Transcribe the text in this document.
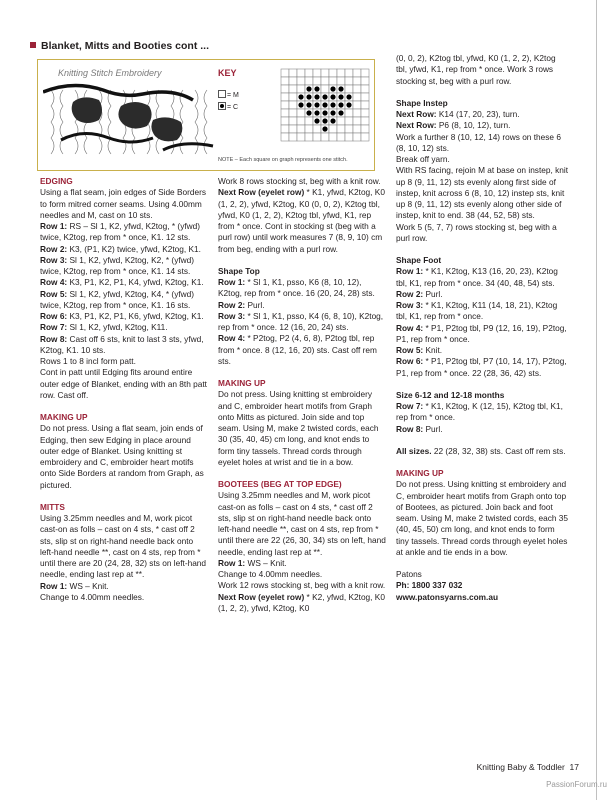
Blanket, Mitts and Booties cont ...
Knitting Stitch Embroidery	KEY
= M
= C
NOTE – Each square on graph represents one stitch.

EDGING

Using a flat seam, join edges of Side Borders to form mitred corner seams. Using 4.00mm needles and M, cast on 10 sts.

Row 1: RS – Sl 1, K2, yfwd, K2tog, * (yfwd) twice, K2tog, rep from * once, K1. 12 sts.

Row 2: K3, (P1, K2) twice, yfwd, K2tog, K1.

Row 3: Sl 1, K2, yfwd, K2tog, K2, * (yfwd) twice, K2tog, rep from * once, K1. 14 sts.

Row 4: K3, P1, K2, P1, K4, yfwd, K2tog, K1.

Row 5: Sl 1, K2, yfwd, K2tog, K4, * (yfwd) twice, K2tog, rep from * once, K1. 16 sts.

Row 6: K3, P1, K2, P1, K6, yfwd, K2tog, K1.

Row 7: Sl 1, K2, yfwd, K2tog, K11.

Row 8: Cast off 6 sts, knit to last 3 sts, yfwd, K2tog, K1. 10 sts.

Rows 1 to 8 incl form patt.

Cont in patt until Edging fits around entire outer edge of Blanket, ending with an 8th patt row. Cast off.

MAKING UP

Do not press. Using a flat seam, join ends of Edging, then sew Edging in place around outer edge of Blanket. Using knitting st embroidery and C, embroider heart motifs onto Side Borders at random from Graph, as pictured.

MITTS

Using 3.25mm needles and M, work picot cast-on as folls – cast on 4 sts, * cast off 2 sts, slip st on right-hand needle back onto left-hand needle **, cast on 4 sts, rep from * until there are 20 (24, 28, 32) sts on left-hand needle, ending last rep at **.

Row 1: WS – Knit.

Change to 4.00mm needles.

Work 8 rows stocking st, beg with a knit row.

Next Row (eyelet row) * K1, yfwd, K2tog, K0 (1, 2, 2), yfwd, K2tog, K0 (0, 0, 2), K2tog tbl, yfwd, K0 (1, 2, 2), K2tog tbl, yfwd, K1, rep from * once. Cont in stocking st (beg with a purl row) until work measures 7 (8, 9, 10) cm from beg, ending with a purl row.

Shape Top

Row 1: * Sl 1, K1, psso, K6 (8, 10, 12), K2tog, rep from * once. 16 (20, 24, 28) sts.

Row 2: Purl.

Row 3: * Sl 1, K1, psso, K4 (6, 8, 10), K2tog, rep from * once. 12 (16, 20, 24) sts.

Row 4: * P2tog, P2 (4, 6, 8), P2tog tbl, rep from * once. 8 (12, 16, 20) sts. Cast off rem sts.

MAKING UP

Do not press. Using knitting st embroidery and C, embroider heart motifs from Graph onto Mitts as pictured. Join side and top seam. Using M, make 2 twisted cords, each 30 (35, 40, 45) cm long, and knot ends to form tiny tassels. Thread cords through eyelet holes at wrist and tie in a bow.

BOOTEES (BEG AT TOP EDGE)

Using 3.25mm needles and M, work picot cast-on as folls – cast on 4 sts, * cast off 2 sts, slip st on right-hand needle back onto left-hand needle **, cast on 4 sts, rep from * until there are 22 (26, 30, 34) sts on left, hand needle, ending last rep at **.

Row 1: WS – Knit.

Change to 4.00mm needles.

Work 12 rows stocking st, beg with a knit row.

Next Row (eyelet row) * K2, yfwd, K2tog, K0 (1, 2, 2), yfwd, K2tog, K0

(0, 0, 2), K2tog tbl, yfwd, K0 (1, 2, 2), K2tog tbl, yfwd, K1, rep from * once. Work 3 rows stocking st, beg with a purl row.

Shape Instep

Next Row: K14 (17, 20, 23), turn.

Next Row: P6 (8, 10, 12), turn.

Work a further 8 (10, 12, 14) rows on these 6 (8, 10, 12) sts.

Break off yarn.

With RS facing, rejoin M at base on instep, knit up 8 (9, 11, 12) sts evenly along first side of instep, knit across 6 (8, 10, 12) instep sts, knit up 8 (9, 11, 12) sts evenly along other side of instep, knit to end. 38 (44, 52, 58) sts.

Work 5 (5, 7, 7) rows stocking st, beg with a purl row.

Shape Foot

Row 1: * K1, K2tog, K13 (16, 20, 23), K2tog tbl, K1, rep from * once. 34 (40, 48, 54) sts.

Row 2: Purl.

Row 3: * K1, K2tog, K11 (14, 18, 21), K2tog tbl, K1, rep from * once.

Row 4: * P1, P2tog tbl, P9 (12, 16, 19), P2tog, P1, rep from * once.

Row 5: Knit.

Row 6: * P1, P2tog tbl, P7 (10, 14, 17), P2tog, P1, rep from * once. 22 (28, 36, 42) sts.

Size 6-12 and 12-18 months

Row 7: * K1, K2tog, K (12, 15), K2tog tbl, K1, rep from * once.

Row 8: Purl.

All sizes. 22 (28, 32, 38) sts. Cast off rem sts.

MAKING UP

Do not press. Using knitting st embroidery and C, embroider heart motifs from Graph onto top of Bootees, as pictured. Join back and foot seam. Using M, make 2 twisted cords, each 35 (40, 45, 50) cm long, and knot ends to form tiny tassels. Thread cords through eyelet holes at ankle and tie ends in a bow.

Patons

Ph: 1800 337 032

www.patonsyarns.com.au

Knitting Baby & Toddler 17
PassionForum.ru
